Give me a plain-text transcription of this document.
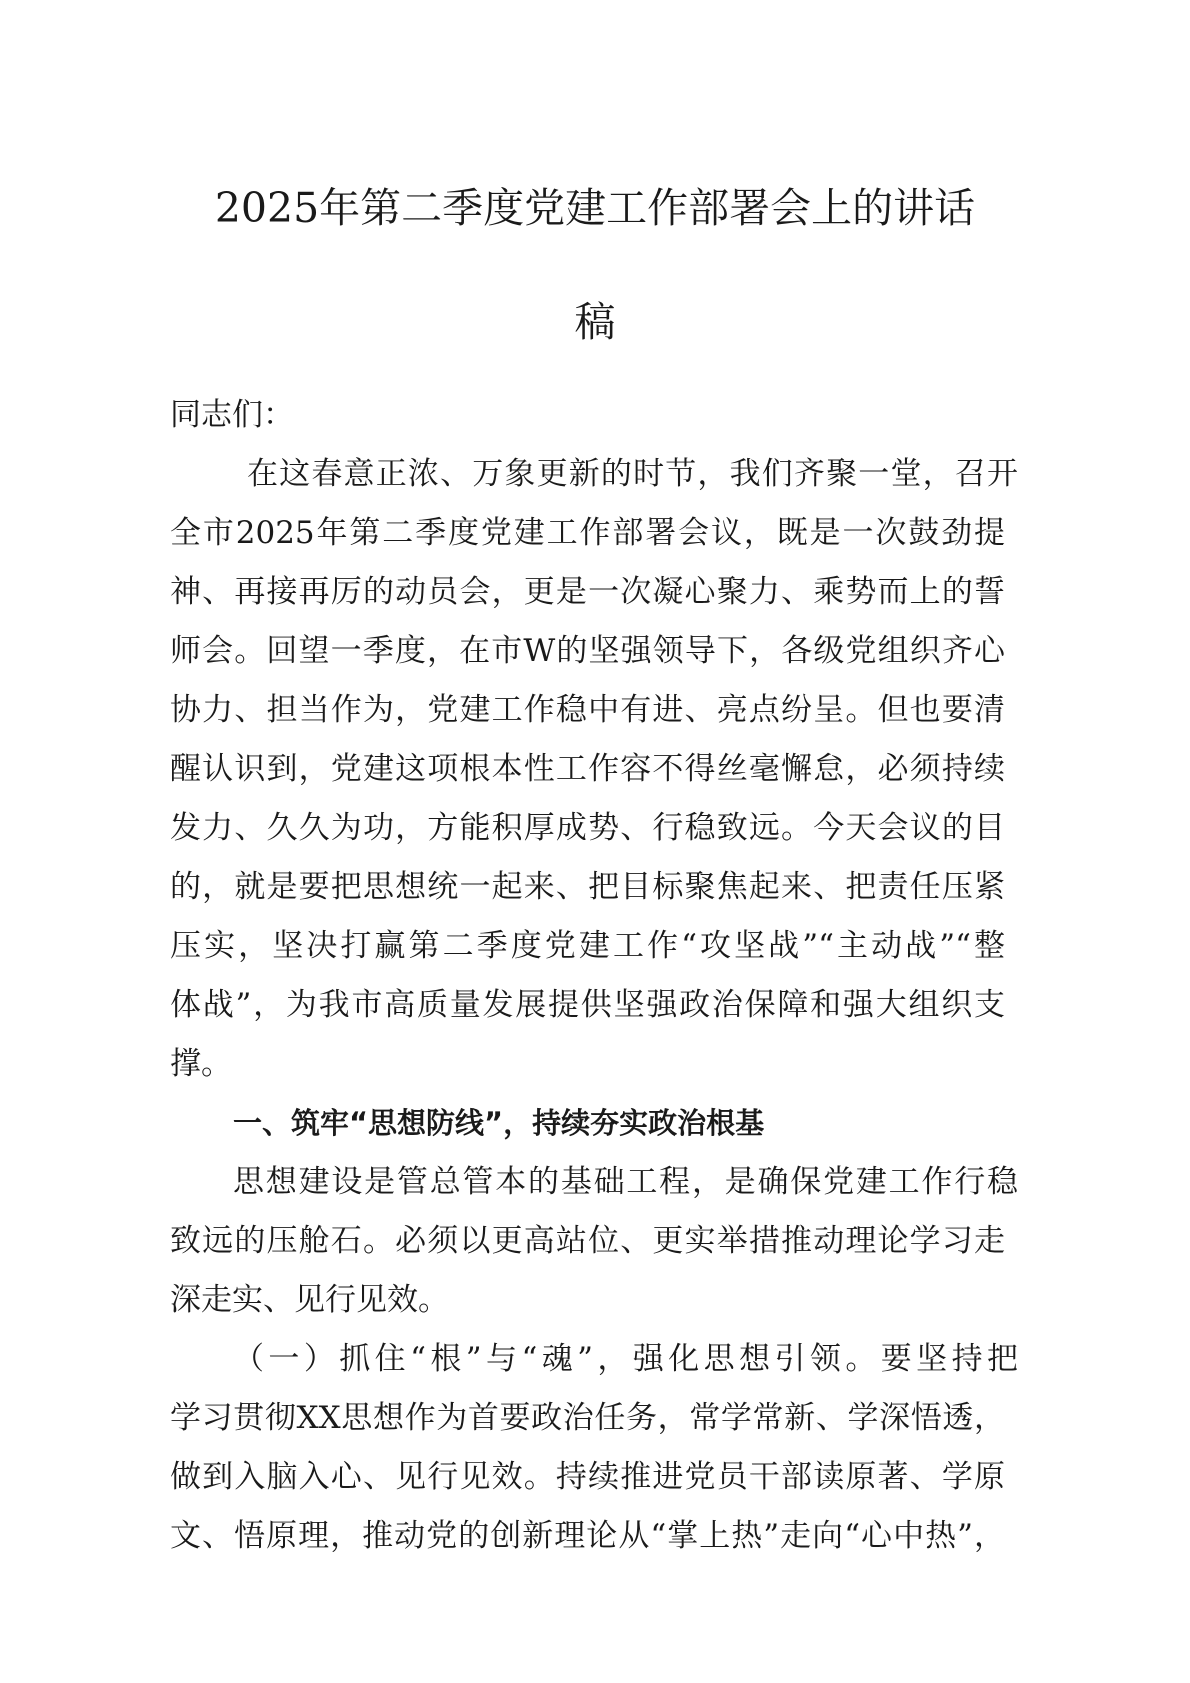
2025年第二季度党建工作部署会上的讲话
稿
同志们：
在这春意正浓、万象更新的时节，我们齐聚一堂，召开
全市2025年第二季度党建工作部署会议，既是一次鼓劲提
神、再接再厉的动员会，更是一次凝心聚力、乘势而上的誓
师会。回望一季度，在市W的坚强领导下，各级党组织齐心
协力、担当作为，党建工作稳中有进、亮点纷呈。但也要清
醒认识到，党建这项根本性工作容不得丝毫懈怠，必须持续
发力、久久为功，方能积厚成势、行稳致远。今天会议的目
的，就是要把思想统一起来、把目标聚焦起来、把责任压紧
压实，坚决打赢第二季度党建工作“攻坚战”“主动战”“整
体战”，为我市高质量发展提供坚强政治保障和强大组织支
撑。
一、筑牢“思想防线”，持续夯实政治根基
思想建设是管总管本的基础工程，是确保党建工作行稳
致远的压舱石。必须以更高站位、更实举措推动理论学习走
深走实、见行见效。
（一）抓住“根”与“魂”，强化思想引领。要坚持把
学习贯彻XX思想作为首要政治任务，常学常新、学深悟透，
做到入脑入心、见行见效。持续推进党员干部读原著、学原
文、悟原理，推动党的创新理论从“掌上热”走向“心中热”，
